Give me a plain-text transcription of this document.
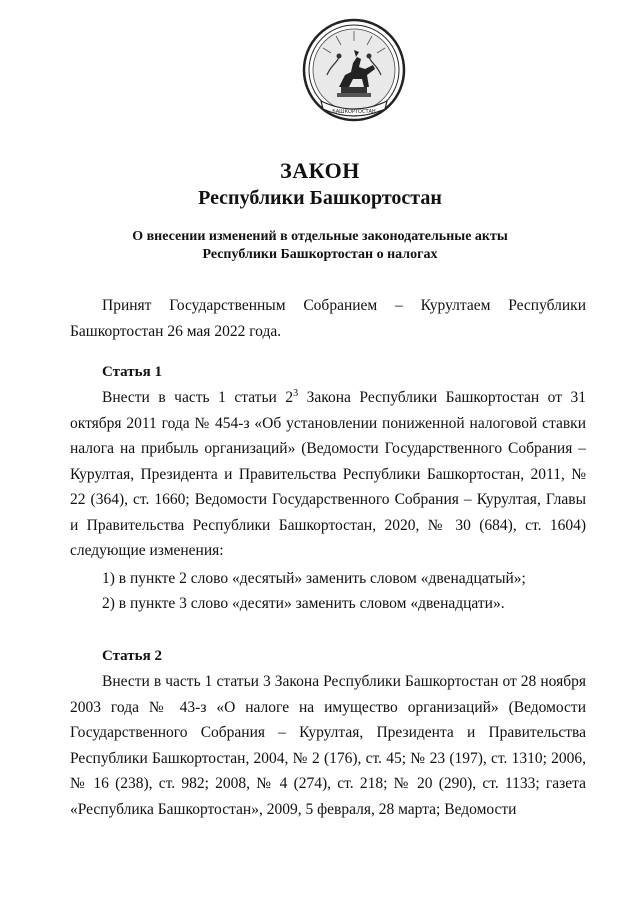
БАШКОРТОСТАН
ЗАКОН
Республики Башкортостан
О внесении изменений в отдельные законодательные акты
Республики Башкортостан о налогах
Принят Государственным Собранием – Курултаем Республики Башкортостан 26 мая 2022 года.
Статья 1
Внести в часть 1 статьи $2^3$ Закона Республики Башкортостан от 31 октября 2011 года № 454-з «Об установлении пониженной налоговой ставки налога на прибыль организаций» (Ведомости Государственного Собрания – Курултая, Президента и Правительства Республики Башкортостан, 2011, № 22 (364), ст. 1660; Ведомости Государственного Собрания – Курултая, Главы и Правительства Республики Башкортостан, 2020, № 30 (684), ст. 1604) следующие изменения:
1) в пункте 2 слово «десятый» заменить словом «двенадцатый»;
2) в пункте 3 слово «десяти» заменить словом «двенадцати».
Статья 2
Внести в часть 1 статьи 3 Закона Республики Башкортостан от 28 ноября 2003 года № 43-з «О налоге на имущество организаций» (Ведомости Государственного Собрания – Курултая, Президента и Правительства Республики Башкортостан, 2004, № 2 (176), ст. 45; № 23 (197), ст. 1310; 2006, № 16 (238), ст. 982; 2008, № 4 (274), ст. 218; № 20 (290), ст. 1133; газета «Республика Башкортостан», 2009, 5 февраля, 28 марта; Ведомости
